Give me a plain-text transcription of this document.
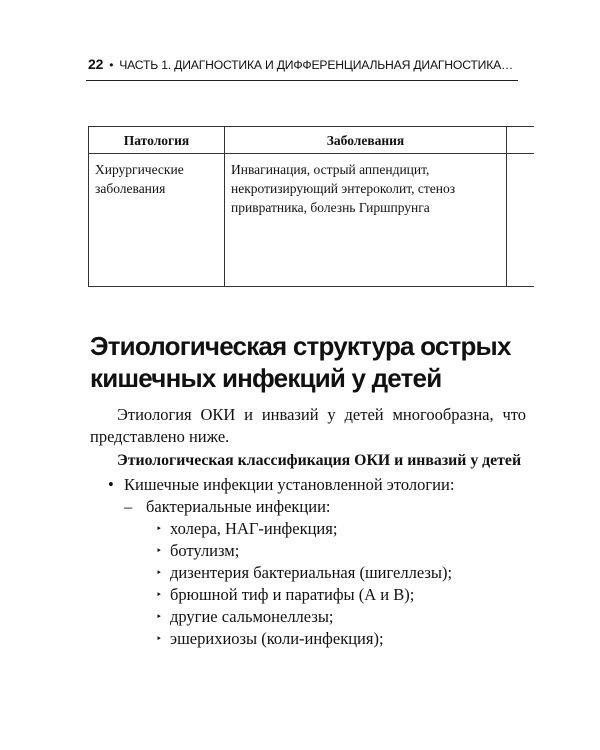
22 • ЧАСТЬ 1. ДИАГНОСТИКА И ДИФФЕРЕНЦИАЛЬНАЯ ДИАГНОСТИКА…
Патология	Заболевания	
Хирургические заболевания	Инвагинация, острый аппендицит, некротизирующий энтероколит, стеноз привратника, болезнь Гиршпрунга	
Этиологическая структура острых кишечных инфекций у детей

Этиология ОКИ и инвазий у детей многообразна, что представлено ниже.

Этиологическая классификация ОКИ и инвазий у детей

• Кишечные инфекции установленной этологии:
– бактериальные инфекции:
‣ холера, НАГ-инфекция;
‣ ботулизм;
‣ дизентерия бактериальная (шигеллезы);
‣ брюшной тиф и паратифы (А и В);
‣ другие сальмонеллезы;
‣ эшерихиозы (коли-инфекция);
